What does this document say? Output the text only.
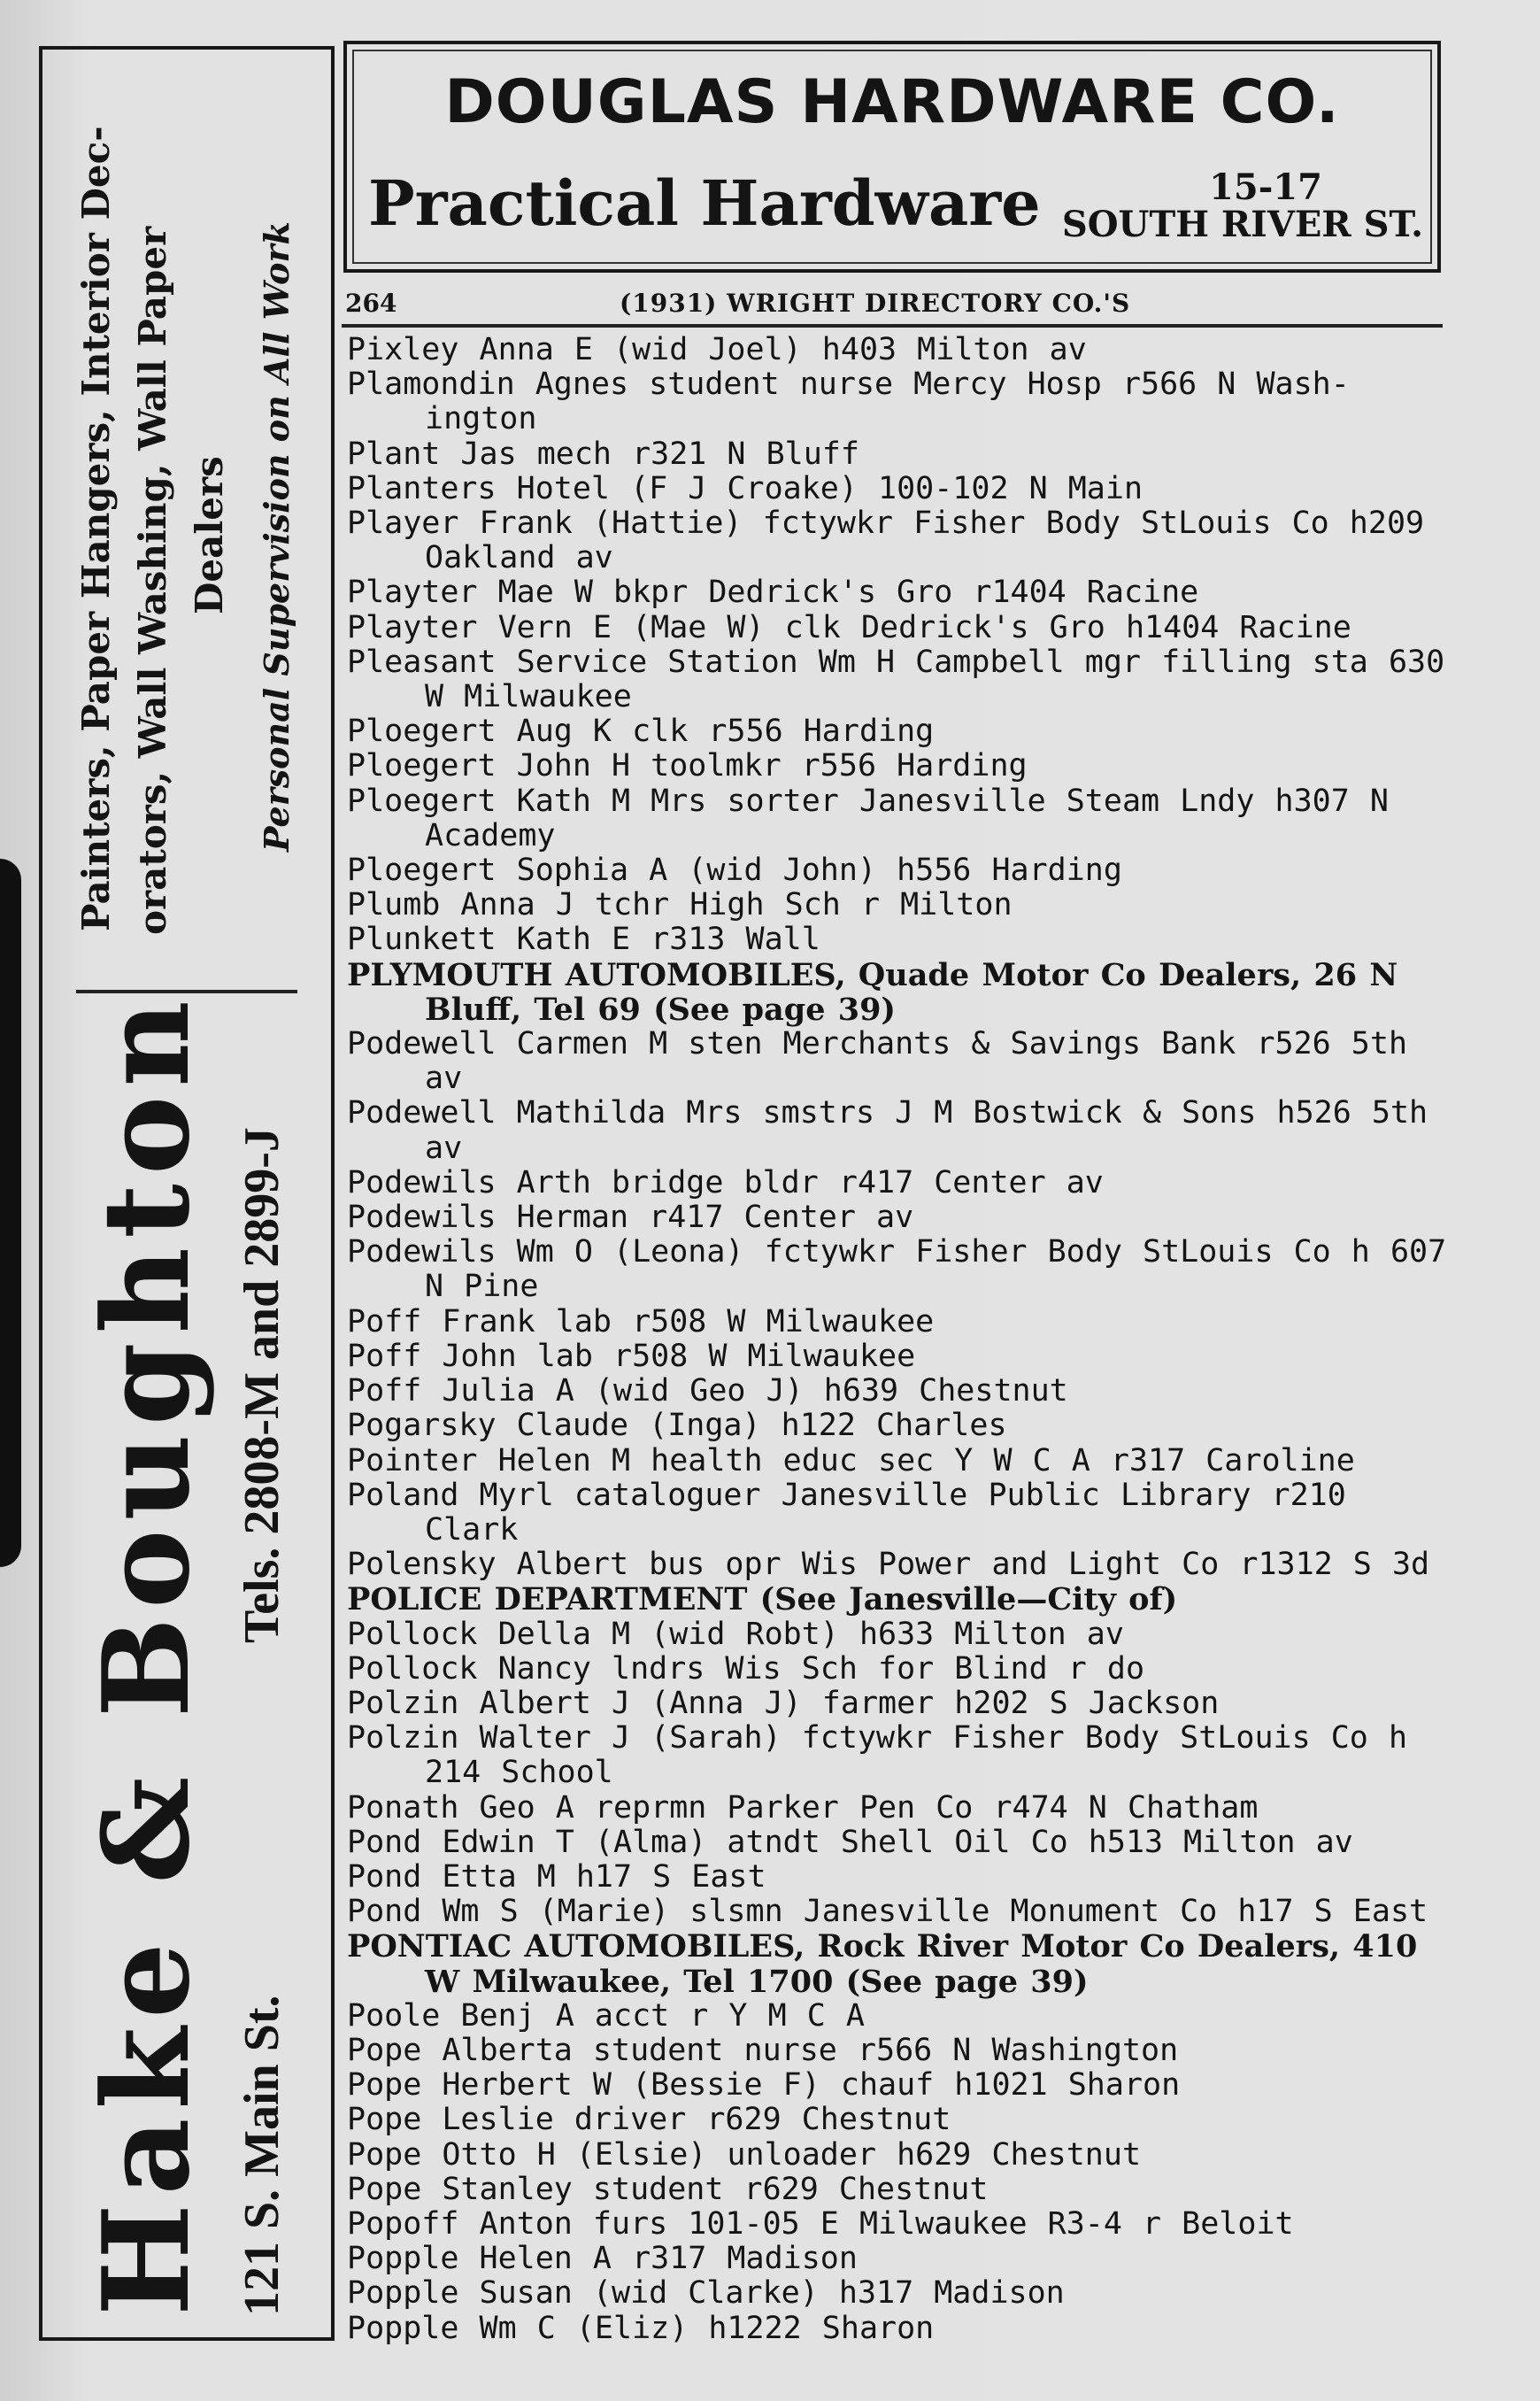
Painters, Paper Hangers, Interior Dec- orators, Wall Washing, Wall Paper Dealers Personal Supervision on All Work
Hake & Boughton Tels. 2808-M and 2899-J
121 S. Main St.
DOUGLAS HARDWARE CO.
Practical Hardware	15-17
SOUTH RIVER ST.
264	(1931) WRIGHT DIRECTORY CO.'S
Pixley Anna E (wid Joel) h403 Milton av
Plamondin Agnes student nurse Mercy Hosp r566 N Wash- ington
Plant Jas mech r321 N Bluff
Planters Hotel (F J Croake) 100-102 N Main
Player Frank (Hattie) fctywkr Fisher Body StLouis Co h209 Oakland av
Playter Mae W bkpr Dedrick's Gro r1404 Racine
Playter Vern E (Mae W) clk Dedrick's Gro h1404 Racine
Pleasant Service Station Wm H Campbell mgr filling sta 630 W Milwaukee
Ploegert Aug K clk r556 Harding
Ploegert John H toolmkr r556 Harding
Ploegert Kath M Mrs sorter Janesville Steam Lndy h307 N Academy
Ploegert Sophia A (wid John) h556 Harding
Plumb Anna J tchr High Sch r Milton
Plunkett Kath E r313 Wall
PLYMOUTH AUTOMOBILES, Quade Motor Co Dealers, 26 N Bluff, Tel 69 (See page 39)
Podewell Carmen M sten Merchants & Savings Bank r526 5th av
Podewell Mathilda Mrs smstrs J M Bostwick & Sons h526 5th av
Podewils Arth bridge bldr r417 Center av
Podewils Herman r417 Center av
Podewils Wm O (Leona) fctywkr Fisher Body StLouis Co h 607 N Pine
Poff Frank lab r508 W Milwaukee
Poff John lab r508 W Milwaukee
Poff Julia A (wid Geo J) h639 Chestnut
Pogarsky Claude (Inga) h122 Charles
Pointer Helen M health educ sec Y W C A r317 Caroline
Poland Myrl cataloguer Janesville Public Library r210 Clark
Polensky Albert bus opr Wis Power and Light Co r1312 S 3d
POLICE DEPARTMENT (See Janesville—City of)
Pollock Della M (wid Robt) h633 Milton av
Pollock Nancy lndrs Wis Sch for Blind r do
Polzin Albert J (Anna J) farmer h202 S Jackson
Polzin Walter J (Sarah) fctywkr Fisher Body StLouis Co h 214 School
Ponath Geo A reprmn Parker Pen Co r474 N Chatham
Pond Edwin T (Alma) atndt Shell Oil Co h513 Milton av
Pond Etta M h17 S East
Pond Wm S (Marie) slsmn Janesville Monument Co h17 S East
PONTIAC AUTOMOBILES, Rock River Motor Co Dealers, 410 W Milwaukee, Tel 1700 (See page 39)
Poole Benj A acct r Y M C A
Pope Alberta student nurse r566 N Washington
Pope Herbert W (Bessie F) chauf h1021 Sharon
Pope Leslie driver r629 Chestnut
Pope Otto H (Elsie) unloader h629 Chestnut
Pope Stanley student r629 Chestnut
Popoff Anton furs 101-05 E Milwaukee R3-4 r Beloit
Popple Helen A r317 Madison
Popple Susan (wid Clarke) h317 Madison
Popple Wm C (Eliz) h1222 Sharon
